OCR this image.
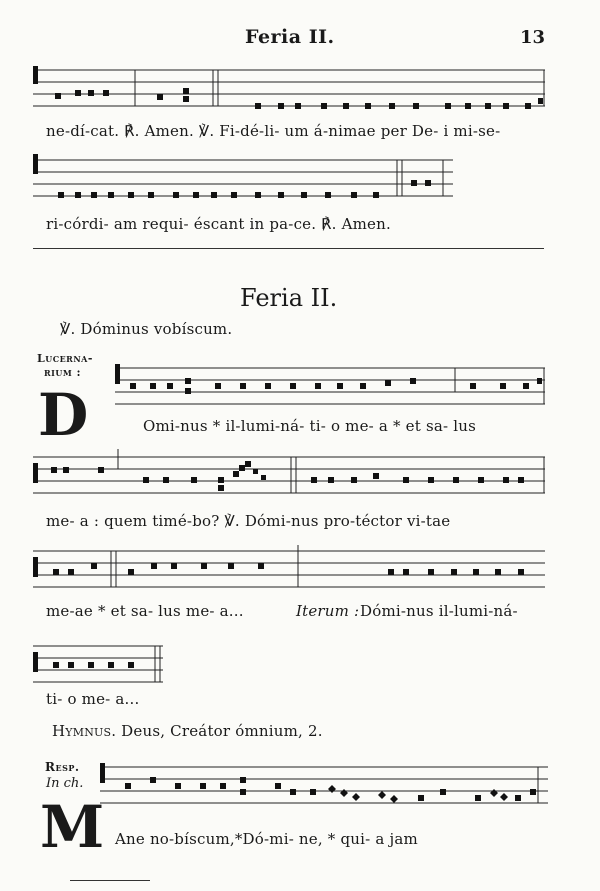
Feria II.	13
ne-dí-cat. ℟. Amen. ℣. Fi-dé-li- um á-nimae per De- i mi-se-
ri-córdi- am requi- éscant in pa-ce. ℟. Amen.
Feria II.
℣. Dóminus vobíscum.
Lucerna-
rium :
D	Omi-nus * il-lumi-ná- ti- o me- a * et sa- lus
me- a : quem timé-bo? ℣. Dómi-nus pro-téctor vi-tae
me-ae * et sa- lus me- a...	Iterum : Dómi-nus il-lumi-ná-
ti- o me- a...
Hymnus. Deus, Creátor ómnium, 2.
Resp.
In ch.
M Ane no-bíscum,*Dó-mi- ne, * qui- a jam
